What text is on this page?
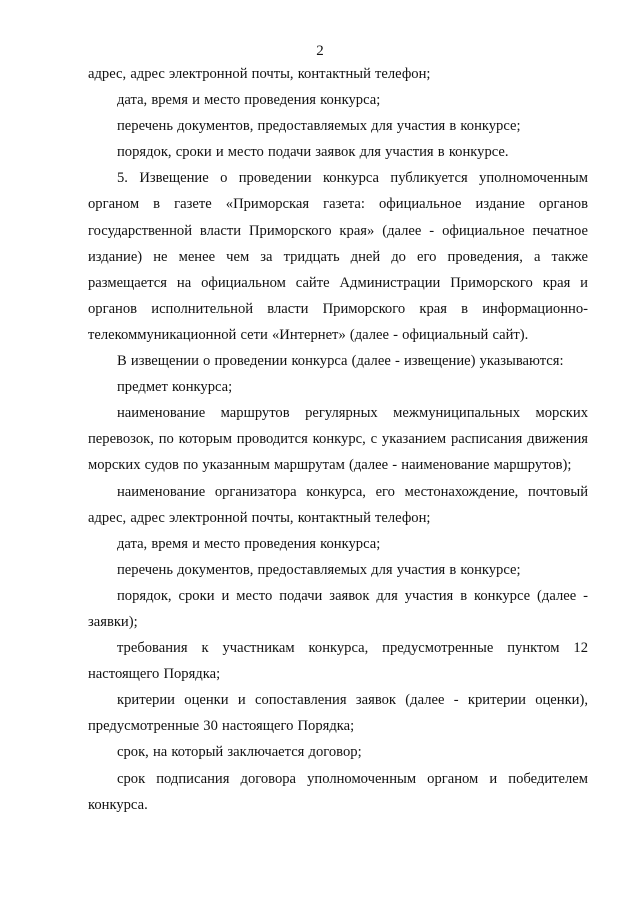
2

адрес, адрес электронной почты, контактный телефон;

дата, время и место проведения конкурса;

перечень документов, предоставляемых для участия в конкурсе;

порядок, сроки и место подачи заявок для участия в конкурсе.

5. Извещение о проведении конкурса публикуется уполномоченным органом в газете «Приморская газета: официальное издание органов государственной власти Приморского края» (далее - официальное печатное издание) не менее чем за тридцать дней до его проведения, а также размещается на официальном сайте Администрации Приморского края и органов исполнительной власти Приморского края в информационно-телекоммуникационной сети «Интернет» (далее - официальный сайт).

В извещении о проведении конкурса (далее - извещение) указываются:

предмет конкурса;

наименование маршрутов регулярных межмуниципальных морских перевозок, по которым проводится конкурс, с указанием расписания движения морских судов по указанным маршрутам (далее - наименование маршрутов);

наименование организатора конкурса, его местонахождение, почтовый адрес, адрес электронной почты, контактный телефон;

дата, время и место проведения конкурса;

перечень документов, предоставляемых для участия в конкурсе;

порядок, сроки и место подачи заявок для участия в конкурсе (далее - заявки);

требования к участникам конкурса, предусмотренные пунктом 12 настоящего Порядка;

критерии оценки и сопоставления заявок (далее - критерии оценки), предусмотренные 30 настоящего Порядка;

срок, на который заключается договор;

срок подписания договора уполномоченным органом и победителем конкурса.
